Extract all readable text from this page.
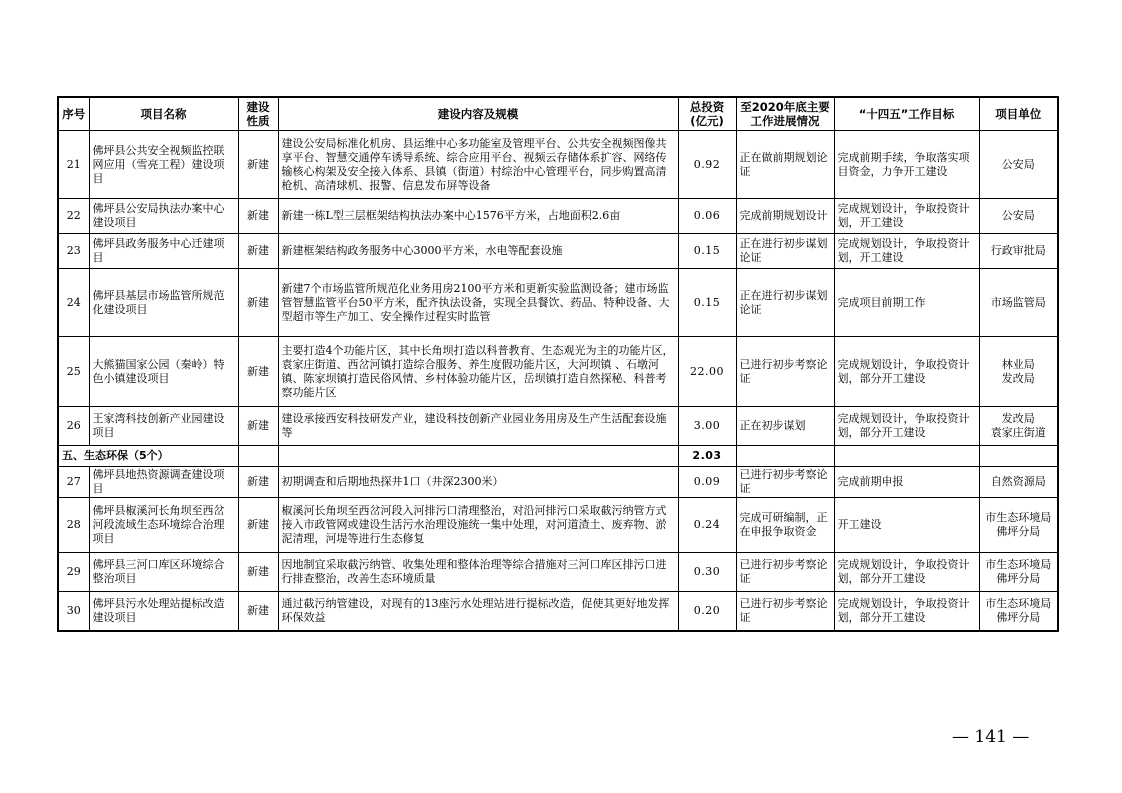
序号	项目名称	建设性质	建设内容及规模	总投资(亿元)	至2020年底主要工作进展情况	“十四五”工作目标	项目单位
21	佛坪县公共安全视频监控联网应用（雪亮工程）建设项目	新建	建设公安局标准化机房、县运维中心多功能室及管理平台、公共安全视频图像共享平台、智慧交通停车诱导系统、综合应用平台、视频云存储体系扩容、网络传输核心构架及安全接入体系、县镇（街道）村综治中心管理平台，同步购置高清枪机、高清球机、报警、信息发布屏等设备	0.92	正在做前期规划论证	完成前期手续，争取落实项目资金，力争开工建设	公安局
22	佛坪县公安局执法办案中心建设项目	新建	新建一栋L型三层框架结构执法办案中心1576平方米，占地面积2.6亩	0.06	完成前期规划设计	完成规划设计，争取投资计划，开工建设	公安局
23	佛坪县政务服务中心迁建项目	新建	新建框架结构政务服务中心3000平方米，水电等配套设施	0.15	正在进行初步谋划论证	完成规划设计，争取投资计划，开工建设	行政审批局
24	佛坪县基层市场监管所规范化建设项目	新建	新建7个市场监管所规范化业务用房2100平方米和更新实验监测设备；建市场监管智慧监管平台50平方米，配齐执法设备，实现全县餐饮、药品、特种设备、大型超市等生产加工、安全操作过程实时监管	0.15	正在进行初步谋划论证	完成项目前期工作	市场监管局
25	大熊猫国家公园（秦岭）特色小镇建设项目	新建	主要打造4个功能片区，其中长角坝打造以科普教育、生态观光为主的功能片区，袁家庄街道、西岔河镇打造综合服务、养生度假功能片区，大河坝镇 、石墩河镇、陈家坝镇打造民俗风情、乡村体验功能片区，岳坝镇打造自然探秘、科普考察功能片区	22.00	已进行初步考察论证	完成规划设计，争取投资计划，部分开工建设	林业局
发改局
26	王家湾科技创新产业园建设项目	新建	建设承接西安科技研发产业，建设科技创新产业园业务用房及生产生活配套设施等	3.00	正在初步谋划	完成规划设计，争取投资计划，部分开工建设	发改局
袁家庄街道
五、生态环保（5个）				2.03			
27	佛坪县地热资源调查建设项目	新建	初期调查和后期地热探井1口（井深2300米）	0.09	已进行初步考察论证	完成前期申报	自然资源局
28	佛坪县椒溪河长角坝至西岔河段流域生态环境综合治理项目	新建	椒溪河长角坝至西岔河段入河排污口清理整治，对沿河排污口采取截污纳管方式接入市政管网或建设生活污水治理设施统一集中处理，对河道渣土、废弃物、淤泥清理，河堤等进行生态修复	0.24	完成可研编制，正在申报争取资金	开工建设	市生态环境局
佛坪分局
29	佛坪县三河口库区环境综合整治项目	新建	因地制宜采取截污纳管、收集处理和整体治理等综合措施对三河口库区排污口进行排查整治，改善生态环境质量	0.30	已进行初步考察论证	完成规划设计，争取投资计划，部分开工建设	市生态环境局
佛坪分局
30	佛坪县污水处理站提标改造建设项目	新建	通过截污纳管建设，对现有的13座污水处理站进行提标改造，促使其更好地发挥环保效益	0.20	已进行初步考察论证	完成规划设计，争取投资计划，部分开工建设	市生态环境局
佛坪分局
— 141 —
